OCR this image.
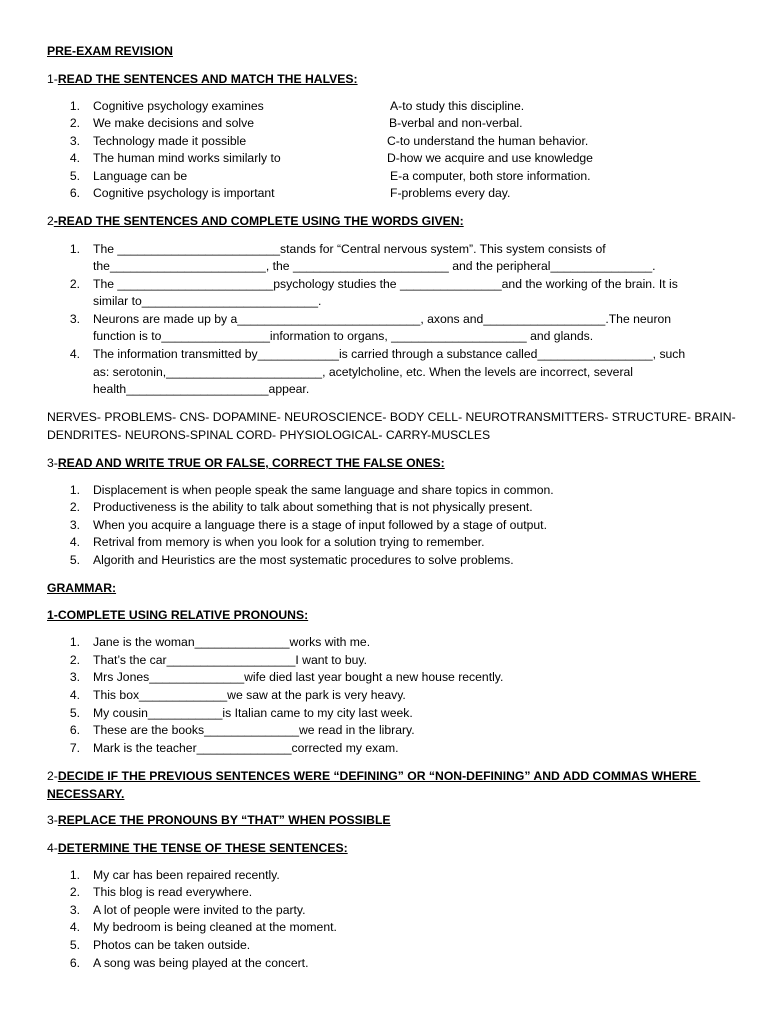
PRE-EXAM REVISION
1-READ THE SENTENCES AND MATCH THE HALVES:
1.
2.
3.
4.
5.
6.
Cognitive psychology examines
We make decisions and solve
Technology made it possible
The human mind works similarly to
Language can be
Cognitive psychology is important
A-to study this discipline.
B-verbal and non-verbal.
C-to understand the human behavior.
D-how we acquire and use knowledge
E-a computer, both store information.
F-problems every day.
2-READ THE SENTENCES AND COMPLETE USING THE WORDS GIVEN:
1. The ________________________stands for “Central nervous system”. This system consists of
the_______________________, the _______________________ and the peripheral_______________.
2. The _______________________psychology studies the _______________and the working of the brain. It is
similar to__________________________.
3. Neurons are made up by a___________________________, axons and__________________.The neuron
function is to________________information to organs, ____________________ and glands.
4. The information transmitted by____________is carried through a substance called_________________, such
as: serotonin,_______________________, acetylcholine, etc. When the levels are incorrect, several
health_____________________appear.
NERVES- PROBLEMS- CNS- DOPAMINE- NEUROSCIENCE- BODY CELL- NEUROTRANSMITTERS- STRUCTURE- BRAIN-
DENDRITES- NEURONS-SPINAL CORD- PHYSIOLOGICAL- CARRY-MUSCLES
3-READ AND WRITE TRUE OR FALSE, CORRECT THE FALSE ONES:
1. Displacement is when people speak the same language and share topics in common.
2. Productiveness is the ability to talk about something that is not physically present.
3. When you acquire a language there is a stage of input followed by a stage of output.
4. Retrival from memory is when you look for a solution trying to remember.
5. Algorith and Heuristics are the most systematic procedures to solve problems.
GRAMMAR:
1-COMPLETE USING RELATIVE PRONOUNS:
1. Jane is the woman______________works with me.
2. That’s the car___________________I want to buy.
3. Mrs Jones______________wife died last year bought a new house recently.
4. This box_____________we saw at the park is very heavy.
5. My cousin___________is Italian came to my city last week.
6. These are the books______________we read in the library.
7. Mark is the teacher______________corrected my exam.
2-DECIDE IF THE PREVIOUS SENTENCES WERE “DEFINING” OR “NON-DEFINING” AND ADD COMMAS WHERE
NECESSARY.
3-REPLACE THE PRONOUNS BY “THAT” WHEN POSSIBLE
4-DETERMINE THE TENSE OF THESE SENTENCES:
1. My car has been repaired recently.
2. This blog is read everywhere.
3. A lot of people were invited to the party.
4. My bedroom is being cleaned at the moment.
5. Photos can be taken outside.
6. A song was being played at the concert.
